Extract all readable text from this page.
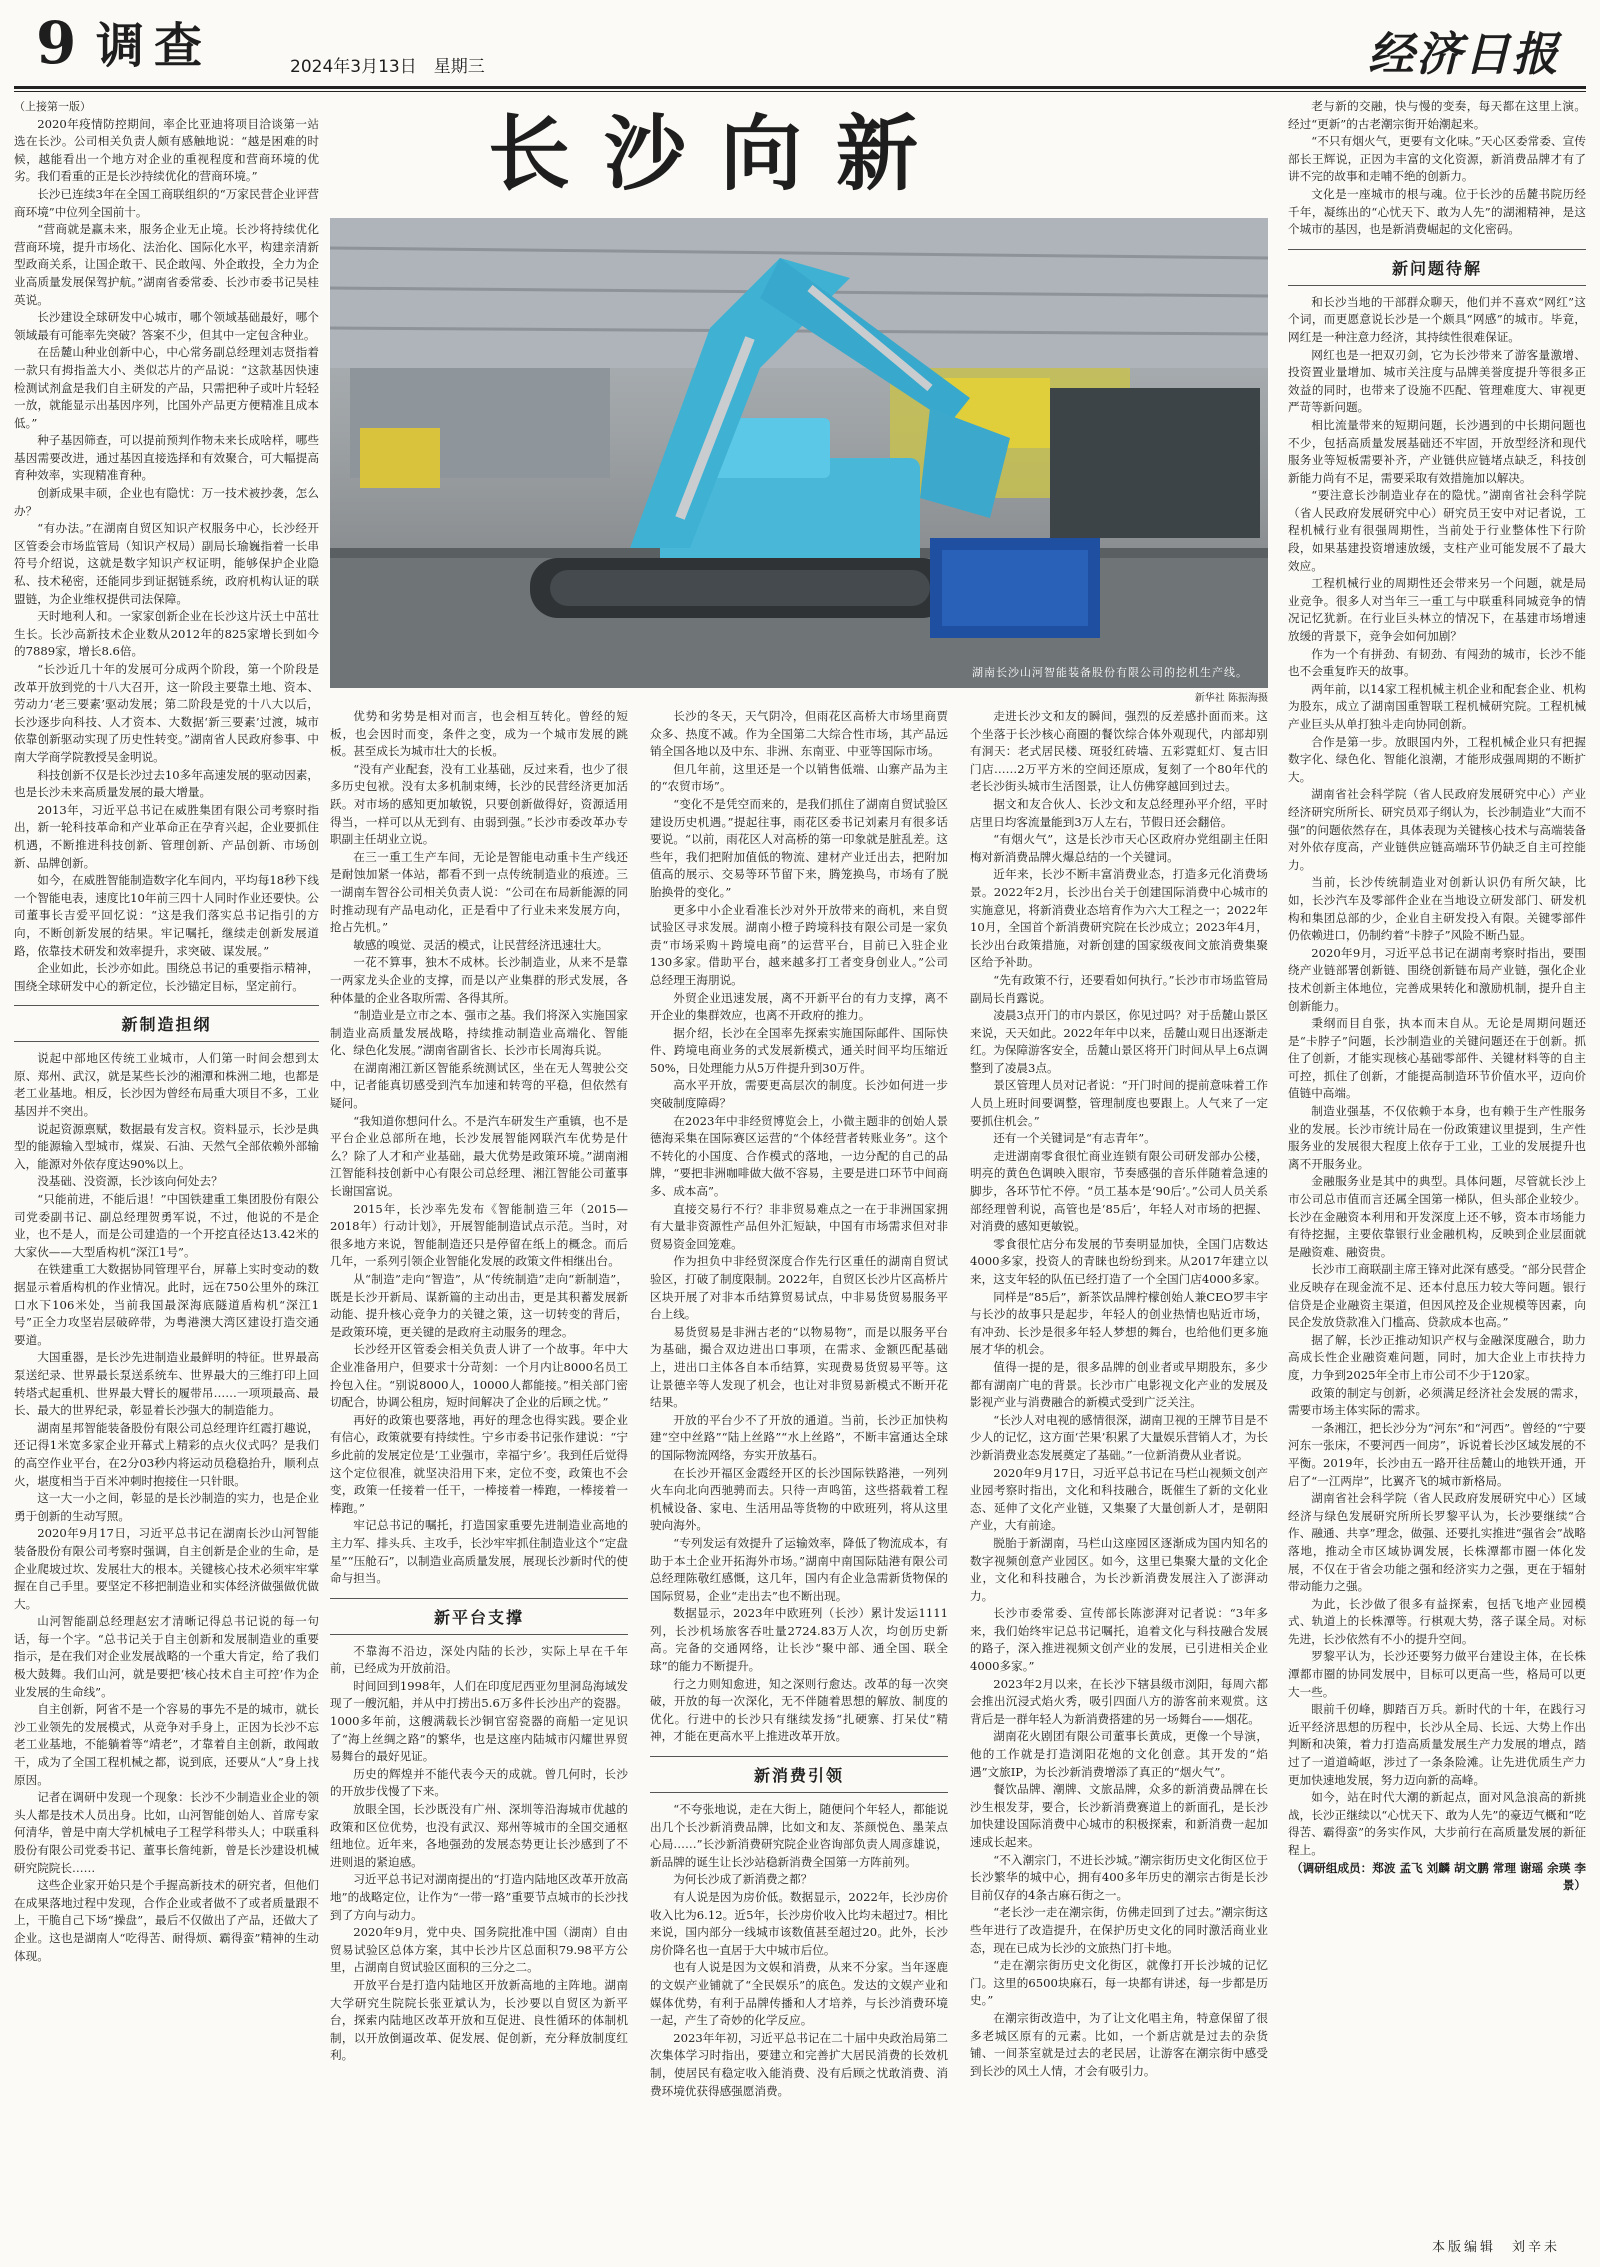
9 调查	2024年3月13日　星期三	经济日报

（上接第一版）

2020年疫情防控期间，率企比亚迪将项目洽谈第一站选在长沙。公司相关负责人颇有感触地说：“越是困难的时候，越能看出一个地方对企业的重视程度和营商环境的优劣。我们看重的正是长沙持续优化的营商环境。”

长沙已连续3年在全国工商联组织的“万家民营企业评营商环境”中位列全国前十。

“营商就是赢未来，服务企业无止境。长沙将持续优化营商环境，提升市场化、法治化、国际化水平，构建亲清新型政商关系，让国企敢干、民企敢闯、外企敢投，全力为企业高质量发展保驾护航。”湖南省委常委、长沙市委书记吴桂英说。

长沙建设全球研发中心城市，哪个领域基础最好，哪个领域最有可能率先突破？答案不少，但其中一定包含种业。

在岳麓山种业创新中心，中心常务副总经理刘志贤指着一款只有拇指盖大小、类似芯片的产品说：“这款基因快速检测试剂盒是我们自主研发的产品，只需把种子或叶片轻轻一放，就能显示出基因序列，比国外产品更方便精准且成本低。”

种子基因筛查，可以提前预判作物未来长成啥样，哪些基因需要改进，通过基因直接选择和有效聚合，可大幅提高育种效率，实现精准育种。

创新成果丰硕，企业也有隐忧：万一技术被抄袭，怎么办？

“有办法。”在湖南自贸区知识产权服务中心，长沙经开区管委会市场监管局（知识产权局）副局长瑜巍指着一长串符号介绍说，这就是数字知识产权证明，能够保护企业隐私、技术秘密，还能同步到证据链系统，政府机构认证的联盟链，为企业维权提供司法保障。

天时地利人和。一家家创新企业在长沙这片沃土中茁壮生长。长沙高新技术企业数从2012年的825家增长到如今的7889家，增长8.6倍。

“长沙近几十年的发展可分成两个阶段，第一个阶段是改革开放到党的十八大召开，这一阶段主要靠土地、资本、劳动力‘老三要素’驱动发展；第二阶段是党的十八大以后，长沙逐步向科技、人才资本、大数据‘新三要素’过渡，城市依靠创新驱动实现了历史性转变。”湖南省人民政府参事、中南大学商学院教授吴金明说。

科技创新不仅是长沙过去10多年高速发展的驱动因素，也是长沙未来高质量发展的最大增量。

2013年，习近平总书记在威胜集团有限公司考察时指出，新一轮科技革命和产业革命正在孕育兴起，企业要抓住机遇，不断推进科技创新、管理创新、产品创新、市场创新、品牌创新。

如今，在威胜智能制造数字化车间内，平均每18秒下线一个智能电表，速度比10年前三四十人同时作业还要快。公司董事长吉爱平回忆说：“这是我们落实总书记指引的方向，不断创新发展的结果。牢记嘱托，继续走创新发展道路，依靠技术研发和效率提升，求突破、谋发展。”

企业如此，长沙亦如此。围绕总书记的重要指示精神，围绕全球研发中心的新定位，长沙锚定目标，坚定前行。

新制造担纲

说起中部地区传统工业城市，人们第一时间会想到太原、郑州、武汉，就是某些长沙的湘潭和株洲二地，也都是老工业基地。相反，长沙因为曾经布局重大项目不多，工业基因并不突出。

说起资源禀赋，数据最有发言权。资料显示，长沙是典型的能源输入型城市，煤炭、石油、天然气全部依赖外部输入，能源对外依存度达90%以上。

没基础、没资源，长沙该向何处去？

“只能前进，不能后退！”中国铁建重工集团股份有限公司党委副书记、副总经理贺勇军说，不过，他说的不是企业，也不是人，而是公司建造的一个开挖直径达13.42米的大家伙——大型盾构机“深江1号”。

在铁建重工大数据协同管理平台，屏幕上实时变动的数据显示着盾构机的作业情况。此时，远在750公里外的珠江口水下106米处，当前我国最深海底隧道盾构机“深江1号”正全力攻坚岩层破碎带，为粤港澳大湾区建设打造交通要道。

大国重器，是长沙先进制造业最鲜明的特征。世界最高泵送纪录、世界最长泵送系统车、世界最大的三维打印上回转塔式起重机、世界最大臂长的履带吊……一项项最高、最长、最大的世界纪录，彰显着长沙强大的制造能力。

湖南星邦智能装备股份有限公司总经理许红霞打趣说，还记得1米宽多家企业开幕式上精彩的点火仪式吗？是我们的高空作业平台，在2分03秒内将运动员稳稳抬升，顺利点火，堪度相当于百米冲刺时抱接住一只针眼。

这一大一小之间，彰显的是长沙制造的实力，也是企业勇于创新的生动写照。

2020年9月17日，习近平总书记在湖南长沙山河智能装备股份有限公司考察时强调，自主创新是企业的生命，是企业爬坡过坎、发展壮大的根本。关键核心技术必须牢牢掌握在自己手里。要坚定不移把制造业和实体经济做强做优做大。

山河智能副总经理赵宏才清晰记得总书记说的每一句话，每一个字。“总书记关于自主创新和发展制造业的重要指示，是在我们对企业发展战略的一个重大肯定，给了我们极大鼓舞。我们山河，就是要把‘核心技术自主可控’作为企业发展的生命线”。

自主创新，阿省不是一个容易的事先不是的城市，就长沙工业领先的发展模式，从竞争对手身上，正因为长沙不忘老工业基地，不能躺着等“靖老”，才靠着自主创新，敢闯敢干，成为了全国工程机械之都，说到底，还要从“人”身上找原因。

记者在调研中发现一个现象：长沙不少制造业企业的领头人都是技术人员出身。比如，山河智能创始人、首席专家何清华，曾是中南大学机械电子工程学科带头人；中联重科股份有限公司党委书记、董事长詹纯新，曾是长沙建设机械研究院院长……

这些企业家开始只是个手握高新技术的研究者，但他们在成果落地过程中发现，合作企业或者做不了或者质量跟不上，干脆自己下场“操盘”，最后不仅做出了产品，还做大了企业。这也是湖南人“吃得苦、耐得烦、霸得蛮”精神的生动体现。

长沙向新
湖南长沙山河智能装备股份有限公司的挖机生产线。
新华社 陈振海摄

优势和劣势是相对而言，也会相互转化。曾经的短板，也会因时而变，条件之变，成为一个城市发展的跳板。甚至成长为城市壮大的长板。

“没有产业配套，没有工业基础，反过来看，也少了很多历史包袱。没有太多机制束缚，长沙的民营经济更加活跃。对市场的感知更加敏锐，只要创新做得好，资源适用得当，一样可以从无到有、由弱到强。”长沙市委改革办专职副主任胡业立说。

在三一重工生产车间，无论是智能电动重卡生产线还是耐蚀加紧一体站，都看不到一点传统制造业的痕迹。三一湖南车智谷公司相关负责人说：“公司在布局新能源的同时推动现有产品电动化，正是看中了行业未来发展方向，抢占先机。”

敏感的嗅觉、灵活的模式，让民营经济迅速壮大。

一花不算事，独木不成林。长沙制造业，从来不是靠一两家龙头企业的支撑，而是以产业集群的形式发展，各种体量的企业各取所需、各得其所。

“制造业是立市之本、强市之基。我们将深入实施国家制造业高质量发展战略，持续推动制造业高端化、智能化、绿色化发展。”湖南省副省长、长沙市长周海兵说。

在湖南湘江新区智能系统测试区，坐在无人驾驶公交中，记者能真切感受到汽车加速和转弯的平稳，但依然有疑问。

“我知道你想问什么。不是汽车研发生产重镇，也不是平台企业总部所在地，长沙发展智能网联汽车优势是什么？除了人才和产业基础，最大优势是政策环境。”湖南湘江智能科技创新中心有限公司总经理、湘江智能公司董事长谢国富说。

2015年，长沙率先发布《智能制造三年（2015—2018年）行动计划》，开展智能制造试点示范。当时，对很多地方来说，智能制造还只是停留在纸上的概念。而后几年，一系列引领企业智能化发展的政策文件相继出台。

从“制造”走向“智造”，从“传统制造”走向“新制造”，既是长沙开新局、谋新篇的主动出击，更是其积蓄发展新动能、提升核心竞争力的关键之策，这一切转变的背后，是政策环境，更关键的是政府主动服务的理念。

长沙经开区管委会相关负责人讲了一个故事。年中大企业准备用户，但要求十分苛刻：一个月内让8000名员工拎包入住。“别说8000人，10000人都能接。”相关部门密切配合，协调公租房，短时间解决了企业的后顾之忧。”

再好的政策也要落地，再好的理念也得实践。要企业有信心，政策就要有持续性。宁乡市委书记张作建说：“宁乡此前的发展定位是‘工业强市，幸福宁乡’。我到任后觉得这个定位很准，就坚决沿用下来，定位不变，政策也不会变，政策一任接着一任干，一棒接着一棒跑，一棒接着一棒跑。”

牢记总书记的嘱托，打造国家重要先进制造业高地的主力军、排头兵、主攻手，长沙牢牢抓住制造业这个“定盘星”“压舱石”，以制造业高质量发展，展现长沙新时代的使命与担当。

新平台支撑

不靠海不沿边，深处内陆的长沙，实际上早在千年前，已经成为开放前沿。

时间回到1998年，人们在印度尼西亚勿里洞岛海域发现了一艘沉船，并从中打捞出5.6万多件长沙出产的瓷器。1000多年前，这艘满载长沙铜官窑瓷器的商船一定见识了“海上丝绸之路”的繁华，也是这座内陆城市闪耀世界贸易舞台的最好见证。

历史的辉煌并不能代表今天的成就。曾几何时，长沙的开放步伐慢了下来。

放眼全国，长沙既没有广州、深圳等沿海城市优越的政策和区位优势，也没有武汉、郑州等城市的全国交通枢纽地位。近年来，各地强劲的发展态势更让长沙感到了不进则退的紧迫感。

习近平总书记对湖南提出的“打造内陆地区改革开放高地”的战略定位，让作为“一带一路”重要节点城市的长沙找到了方向与动力。

2020年9月，党中央、国务院批准中国（湖南）自由贸易试验区总体方案，其中长沙片区总面积79.98平方公里，占湖南自贸试验区面积的三分之二。

开放平台是打造内陆地区开放新高地的主阵地。湖南大学研究生院院长张亚斌认为，长沙要以自贸区为新平台，探索内陆地区改革开放和互促进、良性循环的体制机制，以开放倒逼改革、促发展、促创新，充分释放制度红利。

长沙的冬天，天气阴冷，但雨花区高桥大市场里商贾众多、热度不减。作为全国第二大综合性市场，其产品远销全国各地以及中东、非洲、东南亚、中亚等国际市场。

但几年前，这里还是一个以销售低端、山寨产品为主的“农贸市场”。

“变化不是凭空而来的，是我们抓住了湖南自贸试验区建设历史机遇。”提起往事，雨花区委书记刘素月有很多话要说。“以前，雨花区人对高桥的第一印象就是脏乱差。这些年，我们把附加值低的物流、建材产业迁出去，把附加值高的展示、交易等环节留下来，腾笼换鸟，市场有了脱胎换骨的变化。”

更多中小企业看准长沙对外开放带来的商机，来自贸试验区寻求发展。湖南小橙子跨境科技有限公司是一家负责“市场采购＋跨境电商”的运营平台，目前已入驻企业130多家。借助平台，越来越多打工者变身创业人。”公司总经理王海朋说。

外贸企业迅速发展，离不开新平台的有力支撑，离不开企业的集群效应，也离不开政府的推力。

据介绍，长沙在全国率先探索实施国际邮件、国际快件、跨境电商业务的式发展新模式，通关时间平均压缩近50%，日处理能力从5万件提升到30万件。

高水平开放，需要更高层次的制度。长沙如何进一步突破制度障碍？

在2023年中非经贸博览会上，小微主题非的创始人景德海采集在国际赛区运营的“个体经营者转账业务”。这个不转化的小国度、合作模式的落地，一边分配的自己的品牌，“要把非洲咖啡做大做不容易，主要是进口环节中间商多、成本高”。

直接交易行不行？非非贸易难点之一在于非洲国家拥有大量非资源性产品但外汇短缺，中国有市场需求但对非贸易资金回笼难。

作为担负中非经贸深度合作先行区重任的湖南自贸试验区，打破了制度限制。2022年，自贸区长沙片区高桥片区块开展了对非本币结算贸易试点，中非易货贸易服务平台上线。

易货贸易是非洲古老的“以物易物”，而是以服务平台为基础，撮合双边进出口事项，在需求、金额匹配基础上，进出口主体各自本币结算，实现费易货贸易平等。这让景德辛等人发现了机会，也让对非贸易新模式不断开花结果。

开放的平台少不了开放的通道。当前，长沙正加快构建“空中丝路”“陆上丝路”“水上丝路”，不断丰富通达全球的国际物流网络，夯实开放基石。

在长沙开福区金霞经开区的长沙国际铁路港，一列列火车向北向西驰骋而去。只待一声鸣笛，这些搭载着工程机械设备、家电、生活用品等货物的中欧班列，将从这里驶向海外。

“专列发运有效提升了运输效率，降低了物流成本，有助于本土企业开拓海外市场。”湖南中南国际陆港有限公司总经理陈敬红感慨，这几年，国内有企业急需新货物保的国际贸易，企业“走出去”也不断出现。

数据显示，2023年中欧班列（长沙）累计发运1111列，长沙机场旅客吞吐量2724.83万人次，均创历史新高。完备的交通网络，让长沙“聚中部、通全国、联全球”的能力不断提升。

行之力则知愈进，知之深则行愈达。改革的每一次突破，开放的每一次深化，无不伴随着思想的解放、制度的优化。行进中的长沙只有继续发扬“扎硬寨、打呆仗”精神，才能在更高水平上推进改革开放。

新消费引领

“不夸张地说，走在大街上，随便问个年轻人，都能说出几个长沙新消费品牌，比如文和友、茶颜悦色、墨茉点心局……”长沙新消费研究院企业咨询部负责人周彦雄说，新品牌的诞生让长沙站稳新消费全国第一方阵前列。

为何长沙成了新消费之都？

有人说是因为房价低。数据显示，2022年，长沙房价收入比为6.12。近5年，长沙房价收入比均未超过7。相比来说，国内部分一线城市该数值甚至超过20。此外，长沙房价降名也一直居于大中城市后位。

也有人说是因为文娱和消费，从来不分家。当年逐鹿的文娱产业铺就了“全民娱乐”的底色。发达的文娱产业和媒体优势，有利于品牌传播和人才培养，与长沙消费环境一起，产生了奇妙的化学反应。

2023年年初，习近平总书记在二十届中央政治局第二次集体学习时指出，要建立和完善扩大居民消费的长效机制，使居民有稳定收入能消费、没有后顾之忧敢消费、消费环境优获得感强愿消费。

走进长沙文和友的瞬间，强烈的反差感扑面而来。这个坐落于长沙核心商圈的餐饮综合体外观现代，内部却别有洞天：老式居民楼、斑驳红砖墙、五彩霓虹灯、复古旧门店……2万平方米的空间还原成，复刻了一个80年代的老长沙街头城市生活图景，让人仿佛穿越回到过去。

据文和友合伙人、长沙文和友总经理孙平介绍，平时店里日均客流量能到3万人左右，节假日还会翻倍。

“有烟火气”，这是长沙市天心区政府办党组副主任阳梅对新消费品牌火爆总结的一个关键词。

近年来，长沙不断丰富消费业态，打造多元化消费场景。2022年2月，长沙出台关于创建国际消费中心城市的实施意见，将新消费业态培育作为六大工程之一；2022年10月，全国首个新消费研究院在长沙成立；2023年4月，长沙出台政策措施，对新创建的国家级夜间文旅消费集聚区给予补助。

“先有政策不行，还要看如何执行。”长沙市市场监管局副局长肖露说。

凌晨3点开门的市内景区，你见过吗？对于岳麓山景区来说，天天如此。2022年年中以来，岳麓山观日出逐渐走红。为保障游客安全，岳麓山景区将开门时间从早上6点调整到了凌晨3点。

景区管理人员对记者说：“开门时间的提前意味着工作人员上班时间要调整，管理制度也要跟上。人气来了一定要抓住机会。”

还有一个关键词是“有志青年”。

走进湖南零食很忙商业连锁有限公司研发部办公楼，明亮的黄色色调映入眼帘，节奏感强的音乐伴随着急速的脚步，各环节忙不停。“员工基本是‘90后’。”公司人员关系部经理曾利说，高管也是‘85后’，年轻人对市场的把握、对消费的感知更敏锐。

零食很忙店分布发展的节奏明显加快，全国门店数达4000多家，投资人的青睐也纷纷到来。从2017年建立以来，这支年轻的队伍已经打造了一个全国门店4000多家。

同样是“85后”，新茶饮品牌柠檬创始人兼CEO罗丰宇与长沙的故事只是起步，年轻人的创业热情也贴近市场，有冲劲、长沙是很多年轻人梦想的舞台，也给他们更多施展才华的机会。

值得一提的是，很多品牌的创业者或早期股东，多少都有湖南广电的背景。长沙市广电影视文化产业的发展及影视产业与消费融合的新模式受到广泛关注。

“长沙人对电视的感情很深，湖南卫视的王牌节目是不少人的记忆，这方面‘芒果’积累了大量娱乐营销人才，为长沙新消费业态发展奠定了基础。”一位新消费从业者说。

2020年9月17日，习近平总书记在马栏山视频文创产业园考察时指出，文化和科技融合，既催生了新的文化业态、延伸了文化产业链，又集聚了大量创新人才，是朝阳产业，大有前途。

脱胎于新湖南，马栏山这座园区逐渐成为国内知名的数字视频创意产业园区。如今，这里已集聚大量的文化企业，文化和科技融合，为长沙新消费发展注入了澎湃动力。

长沙市委常委、宣传部长陈澎湃对记者说：“3年多来，我们始终牢记总书记嘱托，追着文化与科技融合发展的路子，深入推进视频文创产业的发展，已引进相关企业4000多家。”

2023年2月以来，在长沙下辖县级市浏阳，每周六都会推出沉浸式焰火秀，吸引四面八方的游客前来观赏。这背后是一群年轻人为新消费搭建的另一场舞台——烟花。

湖南花火剧团有限公司董事长黄成，更像一个导演，他的工作就是打造浏阳花炮的文化创意。其开发的“焰遇”文旅IP，为长沙新消费增添了真正的“烟火气”。

餐饮品牌、潮牌、文旅品牌，众多的新消费品牌在长沙生根发芽，要合，长沙新消费赛道上的新面孔，是长沙加快建设国际消费中心城市的积极探索，和新消费一起加速成长起来。

“不入潮宗门，不进长沙城。”潮宗街历史文化街区位于长沙繁华的城中心，拥有400多年历史的潮宗古街是长沙目前仅存的4条古麻石街之一。

“老长沙一走在潮宗街，仿佛走回到了过去。”潮宗街这些年进行了改造提升，在保护历史文化的同时激活商业业态，现在已成为长沙的文旅热门打卡地。

“走在潮宗街历史文化街区，就像打开长沙城的记忆门。这里的6500块麻石，每一块都有讲述，每一步都是历史。”

在潮宗街改造中，为了让文化唱主角，特意保留了很多老城区原有的元素。比如，一个新店就是过去的杂货铺、一间茶室就是过去的老民居，让游客在潮宗街中感受到长沙的风土人情，才会有吸引力。

老与新的交融，快与慢的变奏，每天都在这里上演。经过“更新”的古老潮宗街开始潮起来。

“不只有烟火气，更要有文化味。”天心区委常委、宣传部长王辉说，正因为丰富的文化资源，新消费品牌才有了讲不完的故事和走哺不绝的创新力。

文化是一座城市的根与魂。位于长沙的岳麓书院历经千年，凝练出的“心忧天下、敢为人先”的湖湘精神，是这个城市的基因，也是新消费崛起的文化密码。

新问题待解

和长沙当地的干部群众聊天，他们并不喜欢“网红”这个词，而更愿意说长沙是一个颇具“网感”的城市。毕竟，网红是一种注意力经济，其持续性很难保证。

网红也是一把双刃剑，它为长沙带来了游客量激增、投资置业量增加、城市关注度与品牌美誉度提升等很多正效益的同时，也带来了设施不匹配、管理难度大、审视更严苛等新问题。

相比流量带来的短期问题，长沙遇到的中长期问题也不少，包括高质量发展基础还不牢固，开放型经济和现代服务业等短板需要补齐，产业链供应链堵点缺乏，科技创新能力尚有不足，需要采取有效措施加以解决。

“要注意长沙制造业存在的隐忧。”湖南省社会科学院（省人民政府发展研究中心）研究员王安中对记者说，工程机械行业有很强周期性，当前处于行业整体性下行阶段，如果基建投资增速放缓，支柱产业可能发展不了最大效应。

工程机械行业的周期性还会带来另一个问题，就是局业竞争。很多人对当年三一重工与中联重科同城竞争的情况记忆犹新。在行业巨头林立的情况下，在基建市场增速放缓的背景下，竞争会如何加剧？

作为一个有拼劲、有韧劲、有闯劲的城市，长沙不能也不会重复昨天的故事。

两年前，以14家工程机械主机企业和配套企业、机构为股东，成立了湖南国重智联工程机械研究院。工程机械产业巨头从单打独斗走向协同创新。

合作是第一步。放眼国内外，工程机械企业只有把握数字化、绿色化、智能化浪潮，才能形成强周期的不断扩大。

湖南省社会科学院（省人民政府发展研究中心）产业经济研究所所长、研究员邓子纲认为，长沙制造业“大而不强”的问题依然存在，具体表现为关键核心技术与高端装备对外依存度高，产业链供应链高端环节仍缺乏自主可控能力。

当前，长沙传统制造业对创新认识仍有所欠缺，比如，长沙汽车及零部件企业在当地设立研发部门、研发机构和集团总部的少，企业自主研发投入有限。关键零部件仍依赖进口，仍制约着“卡脖子”风险不断凸显。

2020年9月，习近平总书记在湖南考察时指出，要围绕产业链部署创新链、围绕创新链布局产业链，强化企业技术创新主体地位，完善成果转化和激励机制，提升自主创新能力。

秉纲而目自张，执本而末自从。无论是周期问题还是“卡脖子”问题，长沙制造业的关键问题还在于创新。抓住了创新，才能实现核心基础零部件、关键材料等的自主可控，抓住了创新，才能提高制造环节价值水平，迈向价值链中高端。

制造业强基，不仅依赖于本身，也有赖于生产性服务业的发展。长沙市统计局在一份政策建议里提到，生产性服务业的发展很大程度上依存于工业，工业的发展提升也离不开服务业。

金融服务业是其中的典型。具体问题，尽管就长沙上市公司总市值而言还属全国第一梯队，但头部企业较少。长沙在金融资本利用和开发深度上还不够，资本市场能力有待挖掘，主要依靠银行业金融机构，反映到企业层面就是融资难、融资贵。

长沙市工商联副主席王锋对此深有感受。“部分民营企业反映存在现金流不足、还本付息压力较大等问题。银行信贷是企业融资主渠道，但因风控及企业规模等因素，向民企发放贷款准入门槛高、贷款成本也高。”

据了解，长沙正推动知识产权与金融深度融合，助力高成长性企业融资难问题，同时，加大企业上市扶持力度，力争到2025年全市上市公司不少于120家。

政策的制定与创新，必须满足经济社会发展的需求，需要市场主体实际的需求。

一条湘江，把长沙分为“河东”和“河西”。曾经的“宁要河东一张床，不要河西一间房”，诉说着长沙区域发展的不平衡。2019年，长沙由五一路开往岳麓山的地铁开通，开启了“一江两岸”，比翼齐飞的城市新格局。

湖南省社会科学院（省人民政府发展研究中心）区域经济与绿色发展研究所所长罗黎平认为，长沙要继续“合作、融通、共享”理念，做强、还要扎实推进“强省会”战略落地，推动全市区域协调发展，长株潭都市圈一体化发展，不仅在于省会功能之强和经济实力之强，更在于辐射带动能力之强。

为此，长沙做了很多有益探索，包括飞地产业园模式、轨道上的长株潭等。行棋观大势，落子谋全局。对标先进，长沙依然有不小的提升空间。

罗黎平认为，长沙还要努力做平台建设主体，在长株潭都市圈的协同发展中，目标可以更高一些，格局可以更大一些。

眼前千仞峰，脚踏百万兵。新时代的十年，在践行习近平经济思想的历程中，长沙从全局、长远、大势上作出判断和决策，着力打造高质量发展生产力发展的增点，踏过了一道道崎岖，涉过了一条条险滩。让先进优质生产力更加快速地发展，努力迈向新的高峰。

如今，站在时代大潮的新起点，面对风急浪高的新挑战，长沙正继续以“心忧天下、敢为人先”的豪迈气概和“吃得苦、霸得蛮”的务实作风，大步前行在高质量发展的新征程上。

（调研组成员：郑波 孟飞 刘麟 胡文鹏 常理 谢瑶 余瑛 李景）

本版编辑　刘辛未
